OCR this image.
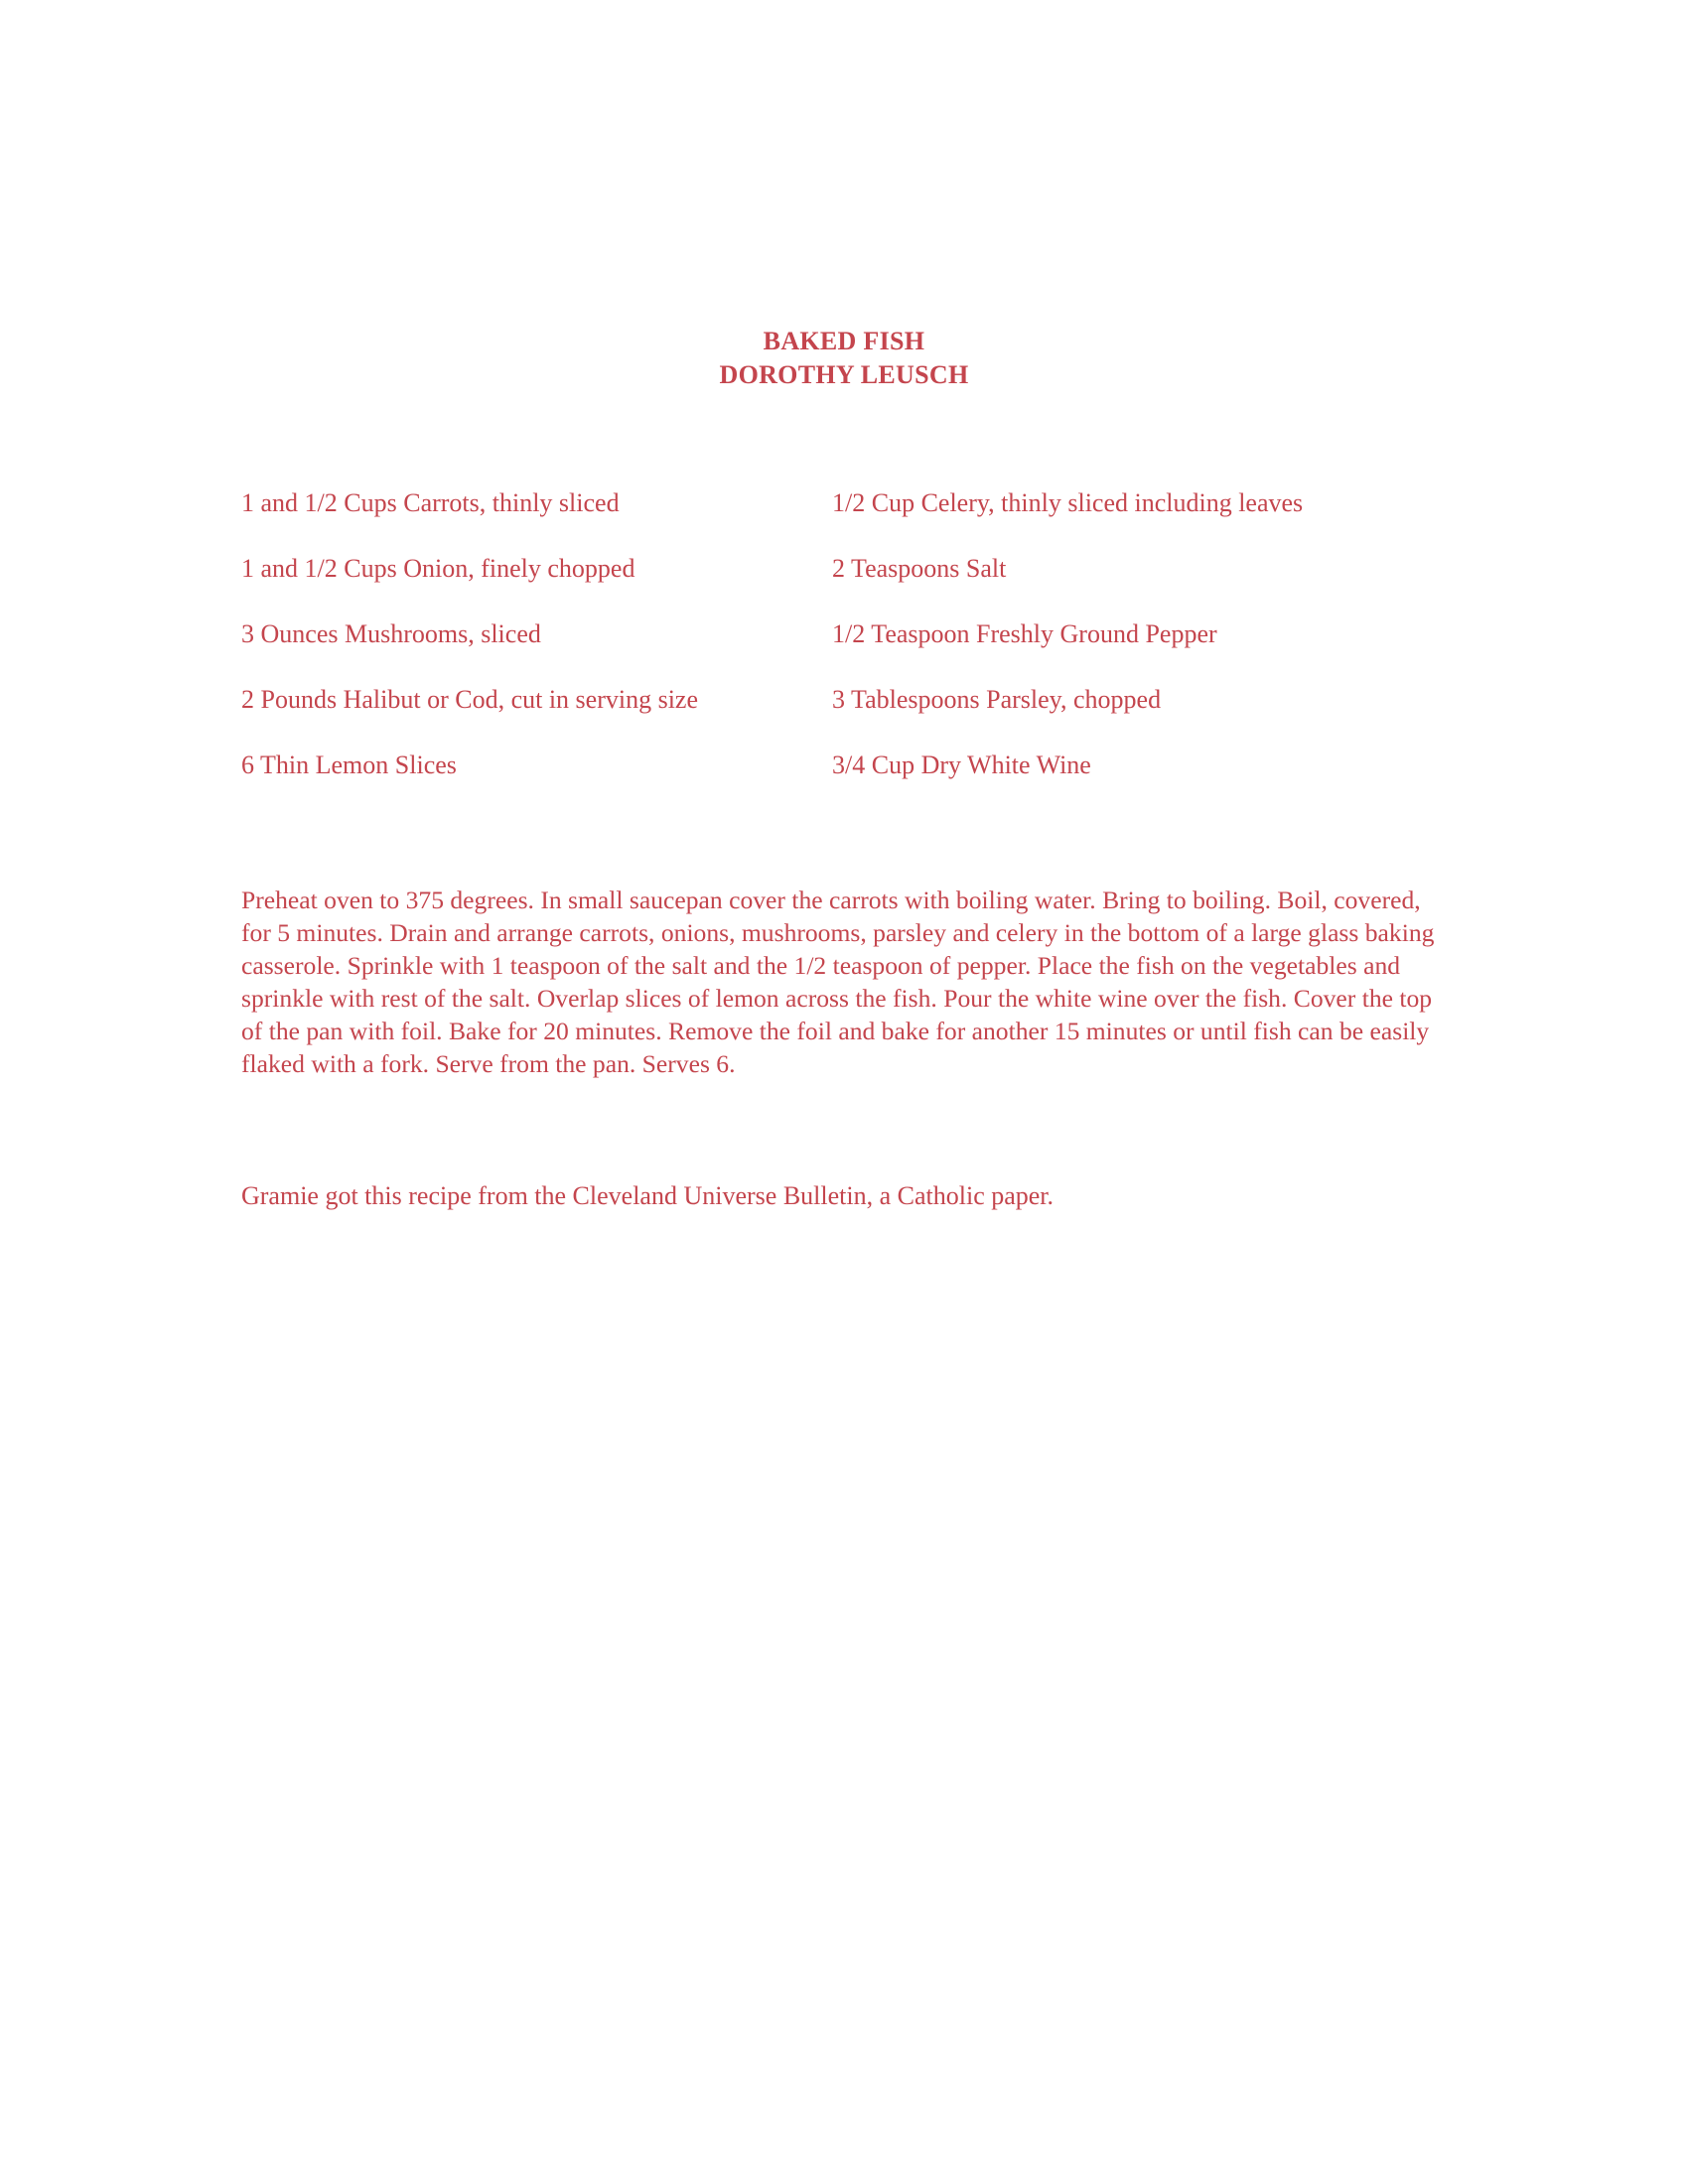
BAKED FISH
DOROTHY LEUSCH
1 and 1/2 Cups Carrots, thinly sliced	1/2 Cup Celery, thinly sliced including leaves
1 and 1/2 Cups Onion, finely chopped	2 Teaspoons Salt
3 Ounces Mushrooms, sliced	1/2 Teaspoon Freshly Ground Pepper
2 Pounds Halibut or Cod, cut in serving size	3 Tablespoons Parsley, chopped
6 Thin Lemon Slices	3/4 Cup Dry White Wine
Preheat oven to 375 degrees. In small saucepan cover the carrots with boiling water. Bring to boiling. Boil, covered, for 5 minutes. Drain and arrange carrots, onions, mushrooms, parsley and celery in the bottom of a large glass baking casserole. Sprinkle with 1 teaspoon of the salt and the 1/2 teaspoon of pepper. Place the fish on the vegetables and sprinkle with rest of the salt. Overlap slices of lemon across the fish. Pour the white wine over the fish. Cover the top of the pan with foil. Bake for 20 minutes. Remove the foil and bake for another 15 minutes or until fish can be easily flaked with a fork. Serve from the pan. Serves 6.
Gramie got this recipe from the Cleveland Universe Bulletin, a Catholic paper.
